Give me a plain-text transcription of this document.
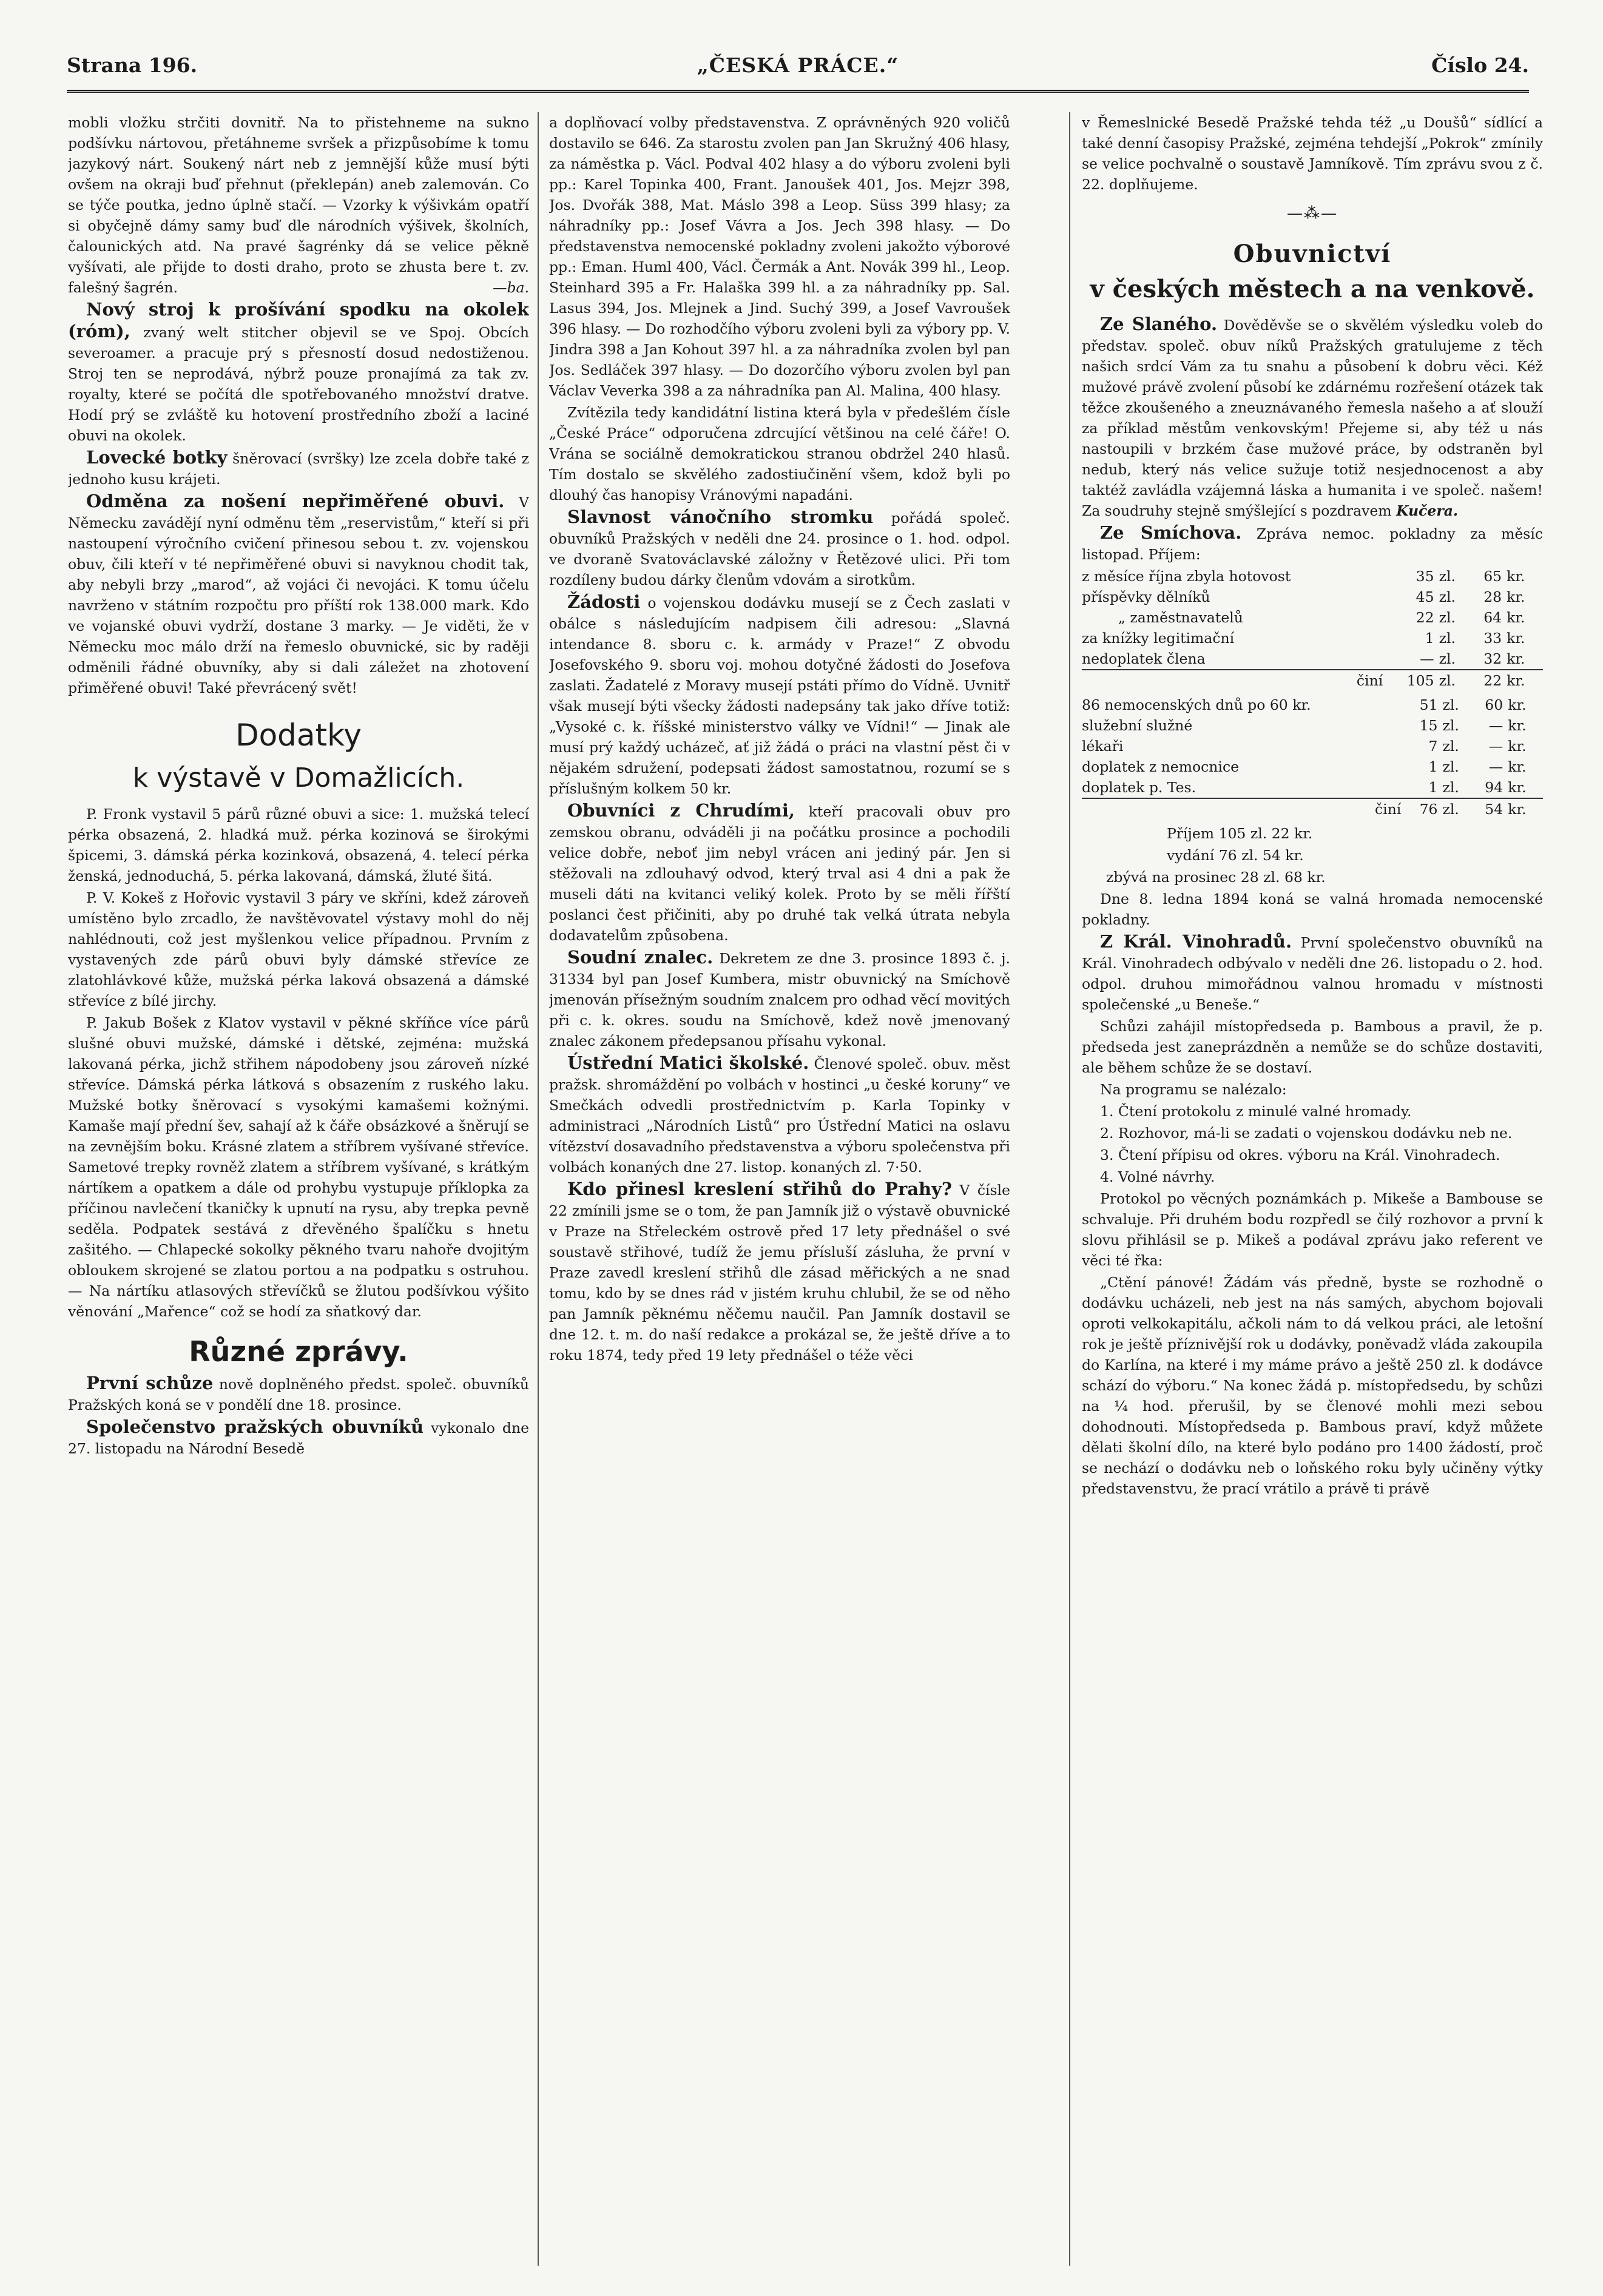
Strana 196.	„ČESKÁ PRÁCE.“	Číslo 24.

mobli vložku strčiti dovnitř. Na to přistehneme na sukno podšívku nártovou, přetáhneme svršek a přizpůsobíme k tomu jazykový nárt. Soukený nárt neb z jemnější kůže musí býti ovšem na okraji buď přehnut (překlepán) aneb zalemován. Co se týče poutka, jedno úplně stačí. — Vzorky k výšivkám opatří si obyčejně dámy samy buď dle národních výšivek, školních, čalounických atd. Na pravé šagrénky dá se velice pěkně vyšívati, ale přijde to dosti draho, proto se zhusta bere t. zv. falešný šagrén.	—ba.

Nový stroj k prošívání spodku na okolek (róm), zvaný welt stitcher objevil se ve Spoj. Obcích severoamer. a pracuje prý s přesností dosud nedostiženou. Stroj ten se neprodává, nýbrž pouze pronajímá za tak zv. royalty, které se počítá dle spotřebovaného množství dratve. Hodí prý se zvláště ku hotovení prostředního zboží a laciné obuvi na okolek.

Lovecké botky šněrovací (svršky) lze zcela dobře také z jednoho kusu krájeti.

Odměna za nošení nepřiměřené obuvi. V Německu zavádějí nyní odměnu těm „reservistům,“ kteří si při nastoupení výročního cvičení přinesou sebou t. zv. vojenskou obuv, čili kteří v té nepřiměřené obuvi si navyknou chodit tak, aby nebyli brzy „marod“, až vojáci či nevojáci. K tomu účelu navrženo v státním rozpočtu pro příští rok 138.000 mark. Kdo ve vojanské obuvi vydrží, dostane 3 marky. — Je viděti, že v Německu moc málo drží na řemeslo obuvnické, sic by raději odměnili řádné obuvníky, aby si dali záležet na zhotovení přiměřené obuvi! Také převrácený svět!

Dodatky
k výstavě v Domažlicích.

P. Fronk vystavil 5 párů různé obuvi a sice: 1. mužská telecí pérka obsazená, 2. hladká muž. pérka kozinová se širokými špicemi, 3. dámská pérka kozinková, obsazená, 4. telecí pérka ženská, jednoduchá, 5. pérka lakovaná, dámská, žluté šitá.

P. V. Kokeš z Hořovic vystavil 3 páry ve skříni, kdež zároveň umístěno bylo zrcadlo, že navštěvovatel výstavy mohl do něj nahlédnouti, což jest myšlenkou velice případnou. Prvním z vystavených zde párů obuvi byly dámské střevíce ze zlatohlávkové kůže, mužská pérka laková obsazená a dámské střevíce z bílé jirchy.

P. Jakub Bošek z Klatov vystavil v pěkné skříňce více párů slušné obuvi mužské, dámské i dětské, zejména: mužská lakovaná pérka, jichž střihem nápodobeny jsou zároveň nízké střevíce. Dámská pérka látková s obsazením z ruského laku. Mužské botky šněrovací s vysokými kamašemi kožnými. Kamaše mají přední šev, sahají až k čáře obsázkové a šněrují se na zevnějším boku. Krásné zlatem a stříbrem vyšívané střevíce. Sametové trepky rovněž zlatem a stříbrem vyšívané, s krátkým nártíkem a opatkem a dále od prohybu vystupuje příklopka za příčinou navlečení tkaničky k upnutí na rysu, aby trepka pevně seděla. Podpatek sestává z dřevěného špalíčku s hnetu zašitého. — Chlapecké sokolky pěkného tvaru nahoře dvojitým obloukem skrojené se zlatou portou a na podpatku s ostruhou. — Na nártíku atlasových střevíčků se žlutou podšívkou výšito věnování „Mařence“ což se hodí za sňatkový dar.

Různé zprávy.

První schůze nově doplněného předst. společ. obuvníků Pražských koná se v pondělí dne 18. prosince.

Společenstvo pražských obuvníků vykonalo dne 27. listopadu na Národní Besedě

a doplňovací volby představenstva. Z oprávněných 920 voličů dostavilo se 646. Za starostu zvolen pan Jan Skružný 406 hlasy, za náměstka p. Václ. Podval 402 hlasy a do výboru zvoleni byli pp.: Karel Topinka 400, Frant. Janoušek 401, Jos. Mejzr 398, Jos. Dvořák 388, Mat. Máslo 398 a Leop. Süss 399 hlasy; za náhradníky pp.: Josef Vávra a Jos. Jech 398 hlasy. — Do představenstva nemocenské pokladny zvoleni jakožto výborové pp.: Eman. Huml 400, Václ. Čermák a Ant. Novák 399 hl., Leop. Steinhard 395 a Fr. Halaška 399 hl. a za náhradníky pp. Sal. Lasus 394, Jos. Mlejnek a Jind. Suchý 399, a Josef Vavroušek 396 hlasy. — Do rozhodčího výboru zvoleni byli za výbory pp. V. Jindra 398 a Jan Kohout 397 hl. a za náhradníka zvolen byl pan Jos. Sedláček 397 hlasy. — Do dozorčího výboru zvolen byl pan Václav Veverka 398 a za náhradníka pan Al. Malina, 400 hlasy.

Zvítězila tedy kandidátní listina která byla v předešlém čísle „České Práce“ odporučena zdrcující většinou na celé čáře! O. Vrána se sociálně demokratickou stranou obdržel 240 hlasů. Tím dostalo se skvělého zadostiučinění všem, kdož byli po dlouhý čas hanopisy Vránovými napadáni.

Slavnost vánočního stromku pořádá společ. obuvníků Pražských v neděli dne 24. prosince o 1. hod. odpol. ve dvoraně Svatováclavské záložny v Řetězové ulici. Při tom rozdíleny budou dárky členům vdovám a sirotkům.

Žádosti o vojenskou dodávku musejí se z Čech zaslati v obálce s následujícím nadpisem čili adresou: „Slavná intendance 8. sboru c. k. armády v Praze!“ Z obvodu Josefovského 9. sboru voj. mohou dotyčné žádosti do Josefova zaslati. Žadatelé z Moravy musejí pstáti přímo do Vídně. Uvnitř však musejí býti všecky žádosti nadepsány tak jako dříve totiž: „Vysoké c. k. říšské ministerstvo války ve Vídni!“ — Jinak ale musí prý každý ucházeč, ať již žádá o práci na vlastní pěst či v nějakém sdružení, podepsati žádost samostatnou, rozumí se s příslušným kolkem 50 kr.

Obuvníci z Chrudími, kteří pracovali obuv pro zemskou obranu, odváděli ji na počátku prosince a pochodili velice dobře, neboť jim nebyl vrácen ani jediný pár. Jen si stěžovali na zdlouhavý odvod, který trval asi 4 dni a pak že museli dáti na kvitanci veliký kolek. Proto by se měli řířští poslanci čest přičiniti, aby po druhé tak velká útrata nebyla dodavatelům způsobena.

Soudní znalec. Dekretem ze dne 3. prosince 1893 č. j. 31334 byl pan Josef Kumbera, mistr obuvnický na Smíchově jmenován přísežným soudním znalcem pro odhad věcí movitých při c. k. okres. soudu na Smíchově, kdež nově jmenovaný znalec zákonem předepsanou přísahu vykonal.

Ústřední Matici školské. Členové společ. obuv. měst pražsk. shromáždění po volbách v hostinci „u české koruny“ ve Smečkách odvedli prostřednictvím p. Karla Topinky v administraci „Národních Listů“ pro Ústřední Matici na oslavu vítězství dosavadního představenstva a výboru společenstva při volbách konaných dne 27. listop. konaných zl. 7·50.

Kdo přinesl kreslení střihů do Prahy? V čísle 22 zmínili jsme se o tom, že pan Jamník již o výstavě obuvnické v Praze na Střeleckém ostrově před 17 lety přednášel o své soustavě střihové, tudíž že jemu přísluší zásluha, že první v Praze zavedl kreslení střihů dle zásad měřických a ne snad tomu, kdo by se dnes rád v jistém kruhu chlubil, že se od něho pan Jamník pěknému něčemu naučil. Pan Jamník dostavil se dne 12. t. m. do naší redakce a prokázal se, že ještě dříve a to roku 1874, tedy před 19 lety přednášel o téže věci

v Řemeslnické Besedě Pražské tehda též „u Doušů“ sídlící a také denní časopisy Pražské, zejména tehdejší „Pokrok“ zmínily se velice pochvalně o soustavě Jamníkově. Tím zprávu svou z č. 22. doplňujeme.

—⁂—
Obuvnictví
v českých městech a na venkově.

Ze Slaného. Dověděvše se o skvělém výsledku voleb do představ. společ. obuv níků Pražských gratulujeme z těch našich srdcí Vám za tu snahu a působení k dobru věci. Kéž mužové právě zvolení působí ke zdárnému rozřešení otázek tak těžce zkoušeného a zneuznávaného řemesla našeho a ať slouží za příklad městům venkovským! Přejeme si, aby též u nás nastoupili v brzkém čase mužové práce, by odstraněn byl nedub, který nás velice sužuje totiž nesjednocenost a aby taktéž zavládla vzájemná láska a humanita i ve společ. našem! Za soudruhy stejně smýšlející s pozdravem Kučera.

Ze Smíchova. Zpráva nemoc. pokladny za měsíc listopad. Příjem:

z měsíce října zbyla hotovost	35	zl.	65	kr.
příspěvky dělníků	45	zl.	28	kr.
„ zaměstnavatelů	22	zl.	64	kr.
za knížky legitimační	1	zl.	33	kr.
nedoplatek člena	—	zl.	32	kr.
činí	105	zl.	22	kr.
86 nemocenských dnů po 60 kr.	51	zl.	60	kr.
služební služné	15	zl.	—	kr.
lékaři	7	zl.	—	kr.
doplatek z nemocnice	1	zl.	—	kr.
doplatek p. Tes.	1	zl.	94	kr.
činí	76	zl.	54	kr.

Příjem 105 zl. 22 kr.

vydání 76 zl. 54 kr.

zbývá na prosinec 28 zl. 68 kr.

Dne 8. ledna 1894 koná se valná hromada nemocenské pokladny.

Z Král. Vinohradů. První společenstvo obuvníků na Král. Vinohradech odbývalo v neděli dne 26. listopadu o 2. hod. odpol. druhou mimořádnou valnou hromadu v místnosti společenské „u Beneše.“

Schůzi zahájil místopředseda p. Bambous a pravil, že p. předseda jest zaneprázdněn a nemůže se do schůze dostaviti, ale během schůze že se dostaví.

Na programu se nalézalo:

1. Čtení protokolu z minulé valné hromady.

2. Rozhovor, má-li se zadati o vojenskou dodávku neb ne.

3. Čtení přípisu od okres. výboru na Král. Vinohradech.

4. Volné návrhy.

Protokol po věcných poznámkách p. Mikeše a Bambouse se schvaluje. Při druhém bodu rozpředl se čilý rozhovor a první k slovu přihlásil se p. Mikeš a podával zprávu jako referent ve věci té řka:

„Ctění pánové! Žádám vás předně, byste se rozhodně o dodávku ucházeli, neb jest na nás samých, abychom bojovali oproti velkokapitálu, ačkoli nám to dá velkou práci, ale letošní rok je ještě příznivější rok u dodávky, poněvadž vláda zakoupila do Karlína, na které i my máme právo a ještě 250 zl. k dodávce schází do výboru.“ Na konec žádá p. místopředsedu, by schůzi na ¼ hod. přerušil, by se členové mohli mezi sebou dohodnouti. Místopředseda p. Bambous praví, když můžete dělati školní dílo, na které bylo podáno pro 1400 žádostí, proč se nechází o dodávku neb o loňského roku byly učiněny výtky představenstvu, že prací vrátilo a právě ti právě
